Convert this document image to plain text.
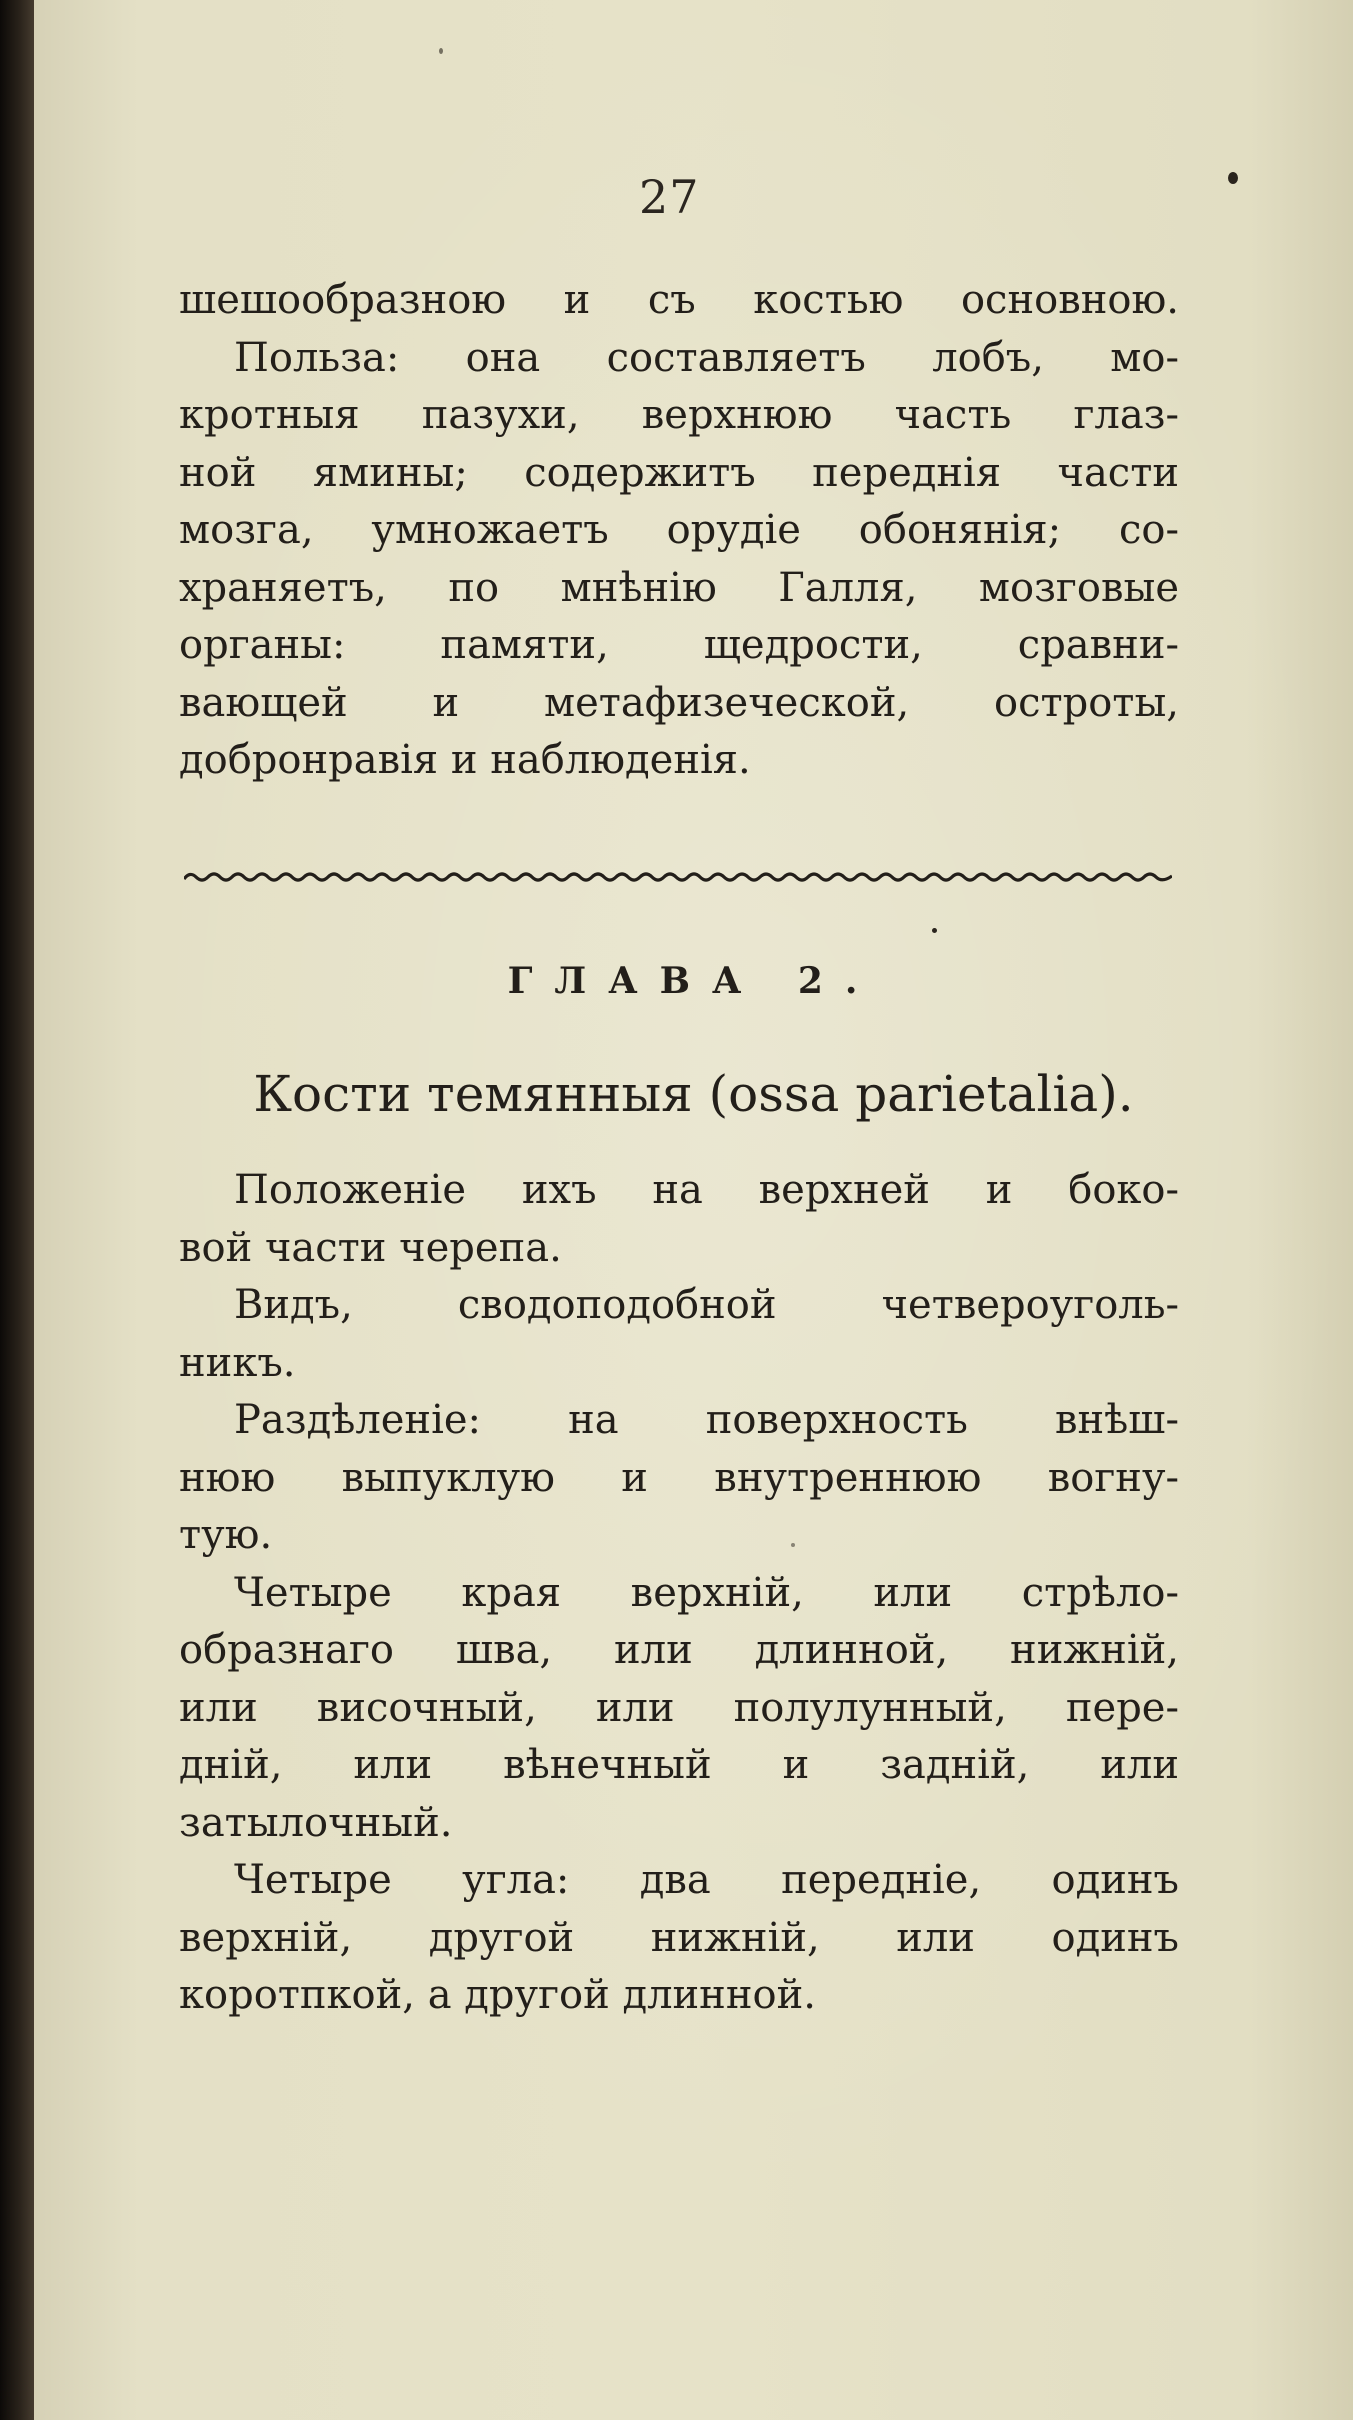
27
шешообразною и съ костью основною.
Польза: она составляетъ лобъ, мо-
кротныя пазухи, верхнюю часть глаз-
ной ямины; содержитъ переднія части
мозга, умножаетъ орудіе обонянія; со-
храняетъ, по мнѣнію Галля, мозговые
органы: памяти, щедрости, сравни-
вающей и метафизеческой, остроты,
добронравія и наблюденія.
ГЛАВА 2.
Кости темянныя (ossa parietalia).
Положеніе ихъ на верхней и боко-
вой части черепа.
Видъ, сводоподобной четвероуголь-
никъ.
Раздѣленіе: на поверхность внѣш-
нюю выпуклую и внутреннюю вогну-
тую.
Четыре края верхній, или стрѣло-
образнаго шва, или длинной, нижній,
или височный, или полулунный, пере-
дній, или вѣнечный и задній, или
затылочный.
Четыре угла: два передніе, одинъ
верхній, другой нижній, или одинъ
коротпкой, а другой длинной.
